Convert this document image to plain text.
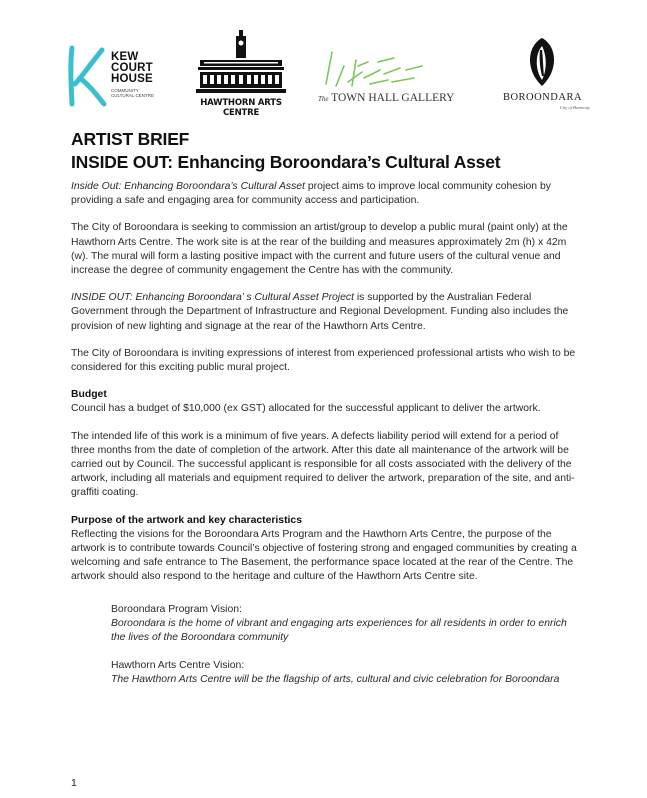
KEW
COURT
HOUSE
COMMUNITY
CULTURAL CENTRE
HAWTHORN ARTS CENTRE
The TOWN HALL GALLERY	BOROONDARA
City of Harmony
ARTIST BRIEF
INSIDE OUT: Enhancing Boroondara’s Cultural Asset

Inside Out: Enhancing Boroondara’s Cultural Asset project aims to improve local community cohesion by providing a safe and engaging area for community access and participation.

The City of Boroondara is seeking to commission an artist/group to develop a public mural (paint only) at the Hawthorn Arts Centre. The work site is at the rear of the building and measures approximately 2m (h) x 42m (w). The mural will form a lasting positive impact with the current and future users of the cultural venue and increase the degree of community engagement the Centre has with the community.

INSIDE OUT: Enhancing Boroondara’ s Cultural Asset Project is supported by the Australian Federal Government through the Department of Infrastructure and Regional Development. Funding also includes the provision of new lighting and signage at the rear of the Hawthorn Arts Centre.

The City of Boroondara is inviting expressions of interest from experienced professional artists who wish to be considered for this exciting public mural project.

Budget

Council has a budget of $10,000 (ex GST) allocated for the successful applicant to deliver the artwork.

The intended life of this work is a minimum of five years. A defects liability period will extend for a period of three months from the date of completion of the artwork. After this date all maintenance of the artwork will be carried out by Council. The successful applicant is responsible for all costs associated with the delivery of the artwork, including all materials and equipment required to deliver the artwork, preparation of the site, and anti-graffiti coating.

Purpose of the artwork and key characteristics

Reflecting the visions for the Boroondara Arts Program and the Hawthorn Arts Centre, the purpose of the artwork is to contribute towards Council’s objective of fostering strong and engaged communities by creating a welcoming and safe entrance to The Basement, the performance space located at the rear of the Centre. The artwork should also respond to the heritage and culture of the Hawthorn Arts Centre site.

Boroondara Program Vision:

Boroondara is the home of vibrant and engaging arts experiences for all residents in order to enrich the lives of the Boroondara community

Hawthorn Arts Centre Vision:

The Hawthorn Arts Centre will be the flagship of arts, cultural and civic celebration for Boroondara

1
